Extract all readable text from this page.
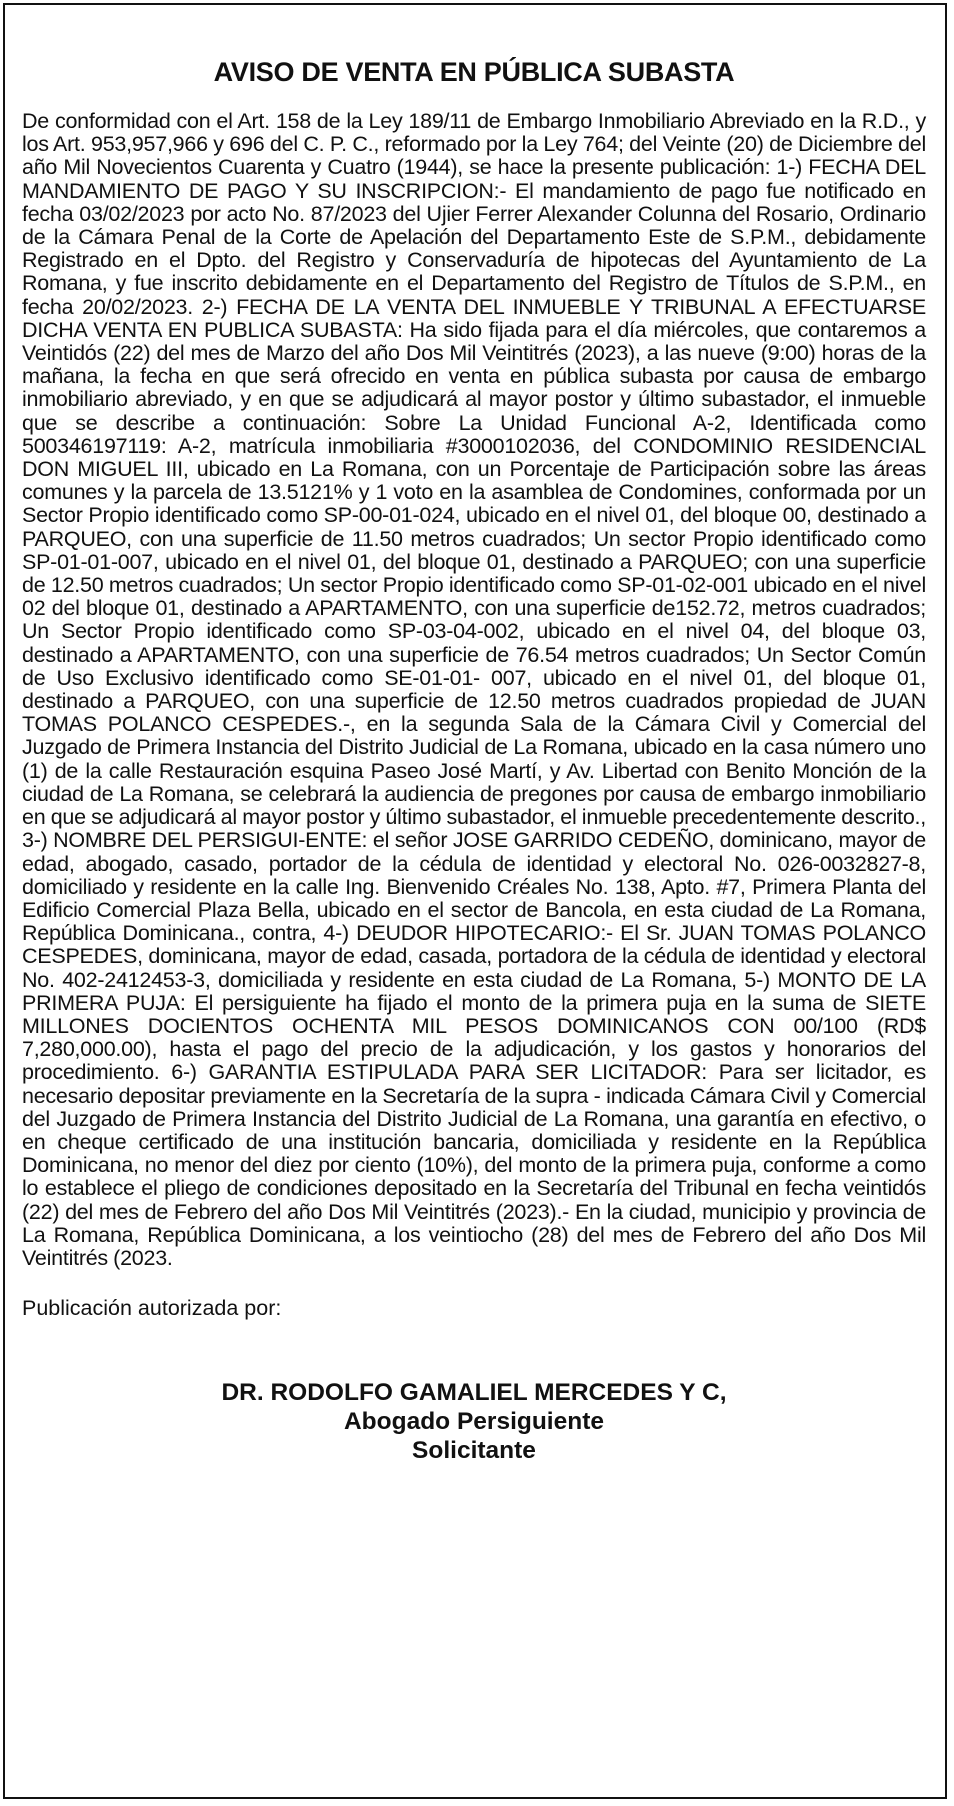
AVISO DE VENTA EN PÚBLICA SUBASTA

De conformidad con el Art. 158 de la Ley 189/11 de Embargo Inmobiliario Abreviado en la R.D., y los Art. 953,957,966 y 696 del C. P. C., reformado por la Ley 764; del Veinte (20) de Diciembre del año Mil Novecientos Cuarenta y Cuatro (1944), se hace la presente publicación: 1-) FECHA DEL MANDAMIENTO DE PAGO Y SU INSCRIPCION:- El mandamiento de pago fue notificado en fecha 03/02/2023 por acto No. 87/2023 del Ujier Ferrer Alexander Colunna del Rosario, Ordinario de la Cámara Penal de la Corte de Apelación del Departamento Este de S.P.M., debidamente Registrado en el Dpto. del Registro y Conservaduría de hipotecas del Ayuntamiento de La Romana, y fue inscrito debidamente en el Departamento del Registro de Títulos de S.P.M., en fecha 20/02/2023. 2-) FECHA DE LA VENTA DEL INMUEBLE Y TRIBUNAL A EFECTUARSE DICHA VENTA EN PUBLICA SUBASTA: Ha sido fijada para el día miércoles, que contaremos a Veintidós (22) del mes de Marzo del año Dos Mil Veintitrés (2023), a las nueve (9:00) horas de la mañana, la fecha en que será ofrecido en venta en pública subasta por causa de embargo inmobiliario abreviado, y en que se adjudicará al mayor postor y último subastador, el inmueble que se describe a continuación: Sobre La Unidad Funcional A-2, Identificada como 500346197119: A-2, matrícula inmobiliaria #3000102036, del CONDOMINIO RESIDENCIAL DON MIGUEL III, ubicado en La Romana, con un Porcentaje de Participación sobre las áreas comunes y la parcela de 13.5121% y 1 voto en la asamblea de Condomines, conformada por un Sector Propio identificado como SP-00-01-024, ubicado en el nivel 01, del bloque 00, destinado a PARQUEO, con una superficie de 11.50 metros cuadrados; Un sector Propio identificado como SP-01-01-007, ubicado en el nivel 01, del bloque 01, destinado a PARQUEO; con una superficie de 12.50 metros cuadrados; Un sector Propio identificado como SP-01-02-001 ubicado en el nivel 02 del bloque 01, destinado a APARTAMENTO, con una superficie de152.72, metros cuadrados; Un Sector Propio identificado como SP-03-04-002, ubicado en el nivel 04, del bloque 03, destinado a APARTAMENTO, con una superficie de 76.54 metros cuadrados; Un Sector Común de Uso Exclusivo identificado como SE-01-01- 007, ubicado en el nivel 01, del bloque 01, destinado a PARQUEO, con una superficie de 12.50 metros cuadrados propiedad de JUAN TOMAS POLANCO CESPEDES.-, en la segunda Sala de la Cámara Civil y Comercial del Juzgado de Primera Instancia del Distrito Judicial de La Romana, ubicado en la casa número uno (1) de la calle Restauración esquina Paseo José Martí, y Av. Libertad con Benito Monción de la ciudad de La Romana, se celebrará la audiencia de pregones por causa de embargo inmobiliario en que se adjudicará al mayor postor y último subastador, el inmueble precedentemente descrito., 3-) NOMBRE DEL PERSIGUI-ENTE: el señor JOSE GARRIDO CEDEÑO, dominicano, mayor de edad, abogado, casado, portador de la cédula de identidad y electoral No. 026-0032827-8, domiciliado y residente en la calle Ing. Bienvenido Créales No. 138, Apto. #7, Primera Planta del Edificio Comercial Plaza Bella, ubicado en el sector de Bancola, en esta ciudad de La Romana, República Dominicana., contra, 4-) DEUDOR HIPOTECARIO:- El Sr. JUAN TOMAS POLANCO CESPEDES, dominicana, mayor de edad, casada, portadora de la cédula de identidad y electoral No. 402-2412453-3, domiciliada y residente en esta ciudad de La Romana, 5-) MONTO DE LA PRIMERA PUJA: El persiguiente ha fijado el monto de la primera puja en la suma de SIETE MILLONES DOCIENTOS OCHENTA MIL PESOS DOMINICANOS CON 00/100 (RD$ 7,280,000.00), hasta el pago del precio de la adjudicación, y los gastos y honorarios del procedimiento. 6-) GARANTIA ESTIPULADA PARA SER LICITADOR: Para ser licitador, es necesario depositar previamente en la Secretaría de la supra - indicada Cámara Civil y Comercial del Juzgado de Primera Instancia del Distrito Judicial de La Romana, una garantía en efectivo, o en cheque certificado de una institución bancaria, domiciliada y residente en la República Dominicana, no menor del diez por ciento (10%), del monto de la primera puja, conforme a como lo establece el pliego de condiciones depositado en la Secretaría del Tribunal en fecha veintidós (22) del mes de Febrero del año Dos Mil Veintitrés (2023).- En la ciudad, municipio y provincia de La Romana, República Dominicana, a los veintiocho (28) del mes de Febrero del año Dos Mil Veintitrés (2023.

Publicación autorizada por:

DR. RODOLFO GAMALIEL MERCEDES Y C,
Abogado Persiguiente
Solicitante
